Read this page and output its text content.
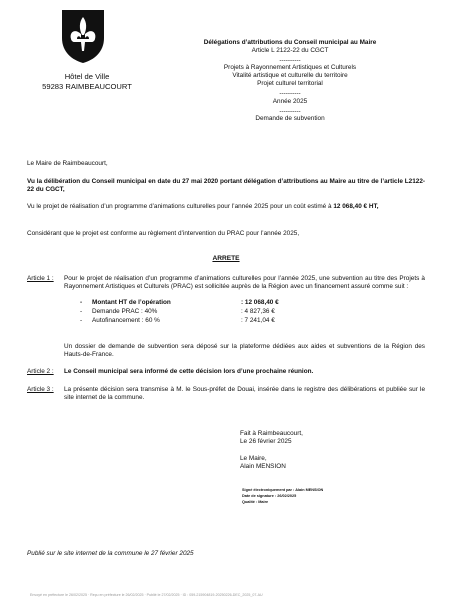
Hôtel de Ville
59283 RAIMBEAUCOURT
Délégations d’attributions du Conseil municipal au Maire
Article L 2122-22 du CGCT
----------
Projets à Rayonnement Artistiques et Culturels
Vitalité artistique et culturelle du territoire
Projet culturel territorial
----------
Année 2025
----------
Demande de subvention
Le Maire de Raimbeaucourt,
Vu la délibération du Conseil municipal en date du 27 mai 2020 portant délégation d’attributions au Maire au titre de l’article L2122-22 du CGCT,
Vu le projet de réalisation d’un programme d’animations culturelles pour l’année 2025 pour un coût estimé à 12 068,40 € HT,
Considérant que le projet est conforme au règlement d’intervention du PRAC pour l’année 2025,
ARRETE
Article 1 : Pour le projet de réalisation d’un programme d’animations culturelles pour l’année 2025, une subvention au titre des Projets à Rayonnement Artistiques et Culturels (PRAC) est sollicitée auprès de la Région avec un financement assuré comme suit :
-	Montant HT de l’opération	: 12 068,40 €
-	Demande PRAC : 40%	: 4 827,36 €
-	Autofinancement : 60 %	: 7 241,04 €
Un dossier de demande de subvention sera déposé sur la plateforme dédiées aux aides et subventions de la Région des Hauts-de-France.
Article 2 : Le Conseil municipal sera informé de cette décision lors d’une prochaine réunion.
Article 3 : La présente décision sera transmise à M. le Sous-préfet de Douai, insérée dans le registre des délibérations et publiée sur le site internet de la commune.
Fait à Raimbeaucourt,
Le 26 février 2025
Le Maire,
Alain MENSION
Signé électroniquement par : Alain MENSION
Date de signature : 26/02/2025
Qualité : Maire
Publié sur le site internet de la commune le 27 février 2025
Envoyé en préfecture le 26/02/2025 · Reçu en préfecture le 26/02/2025 · Publié le 27/02/2025 · ID : 059-215904819-20250226-DEC_2025_07-AU
